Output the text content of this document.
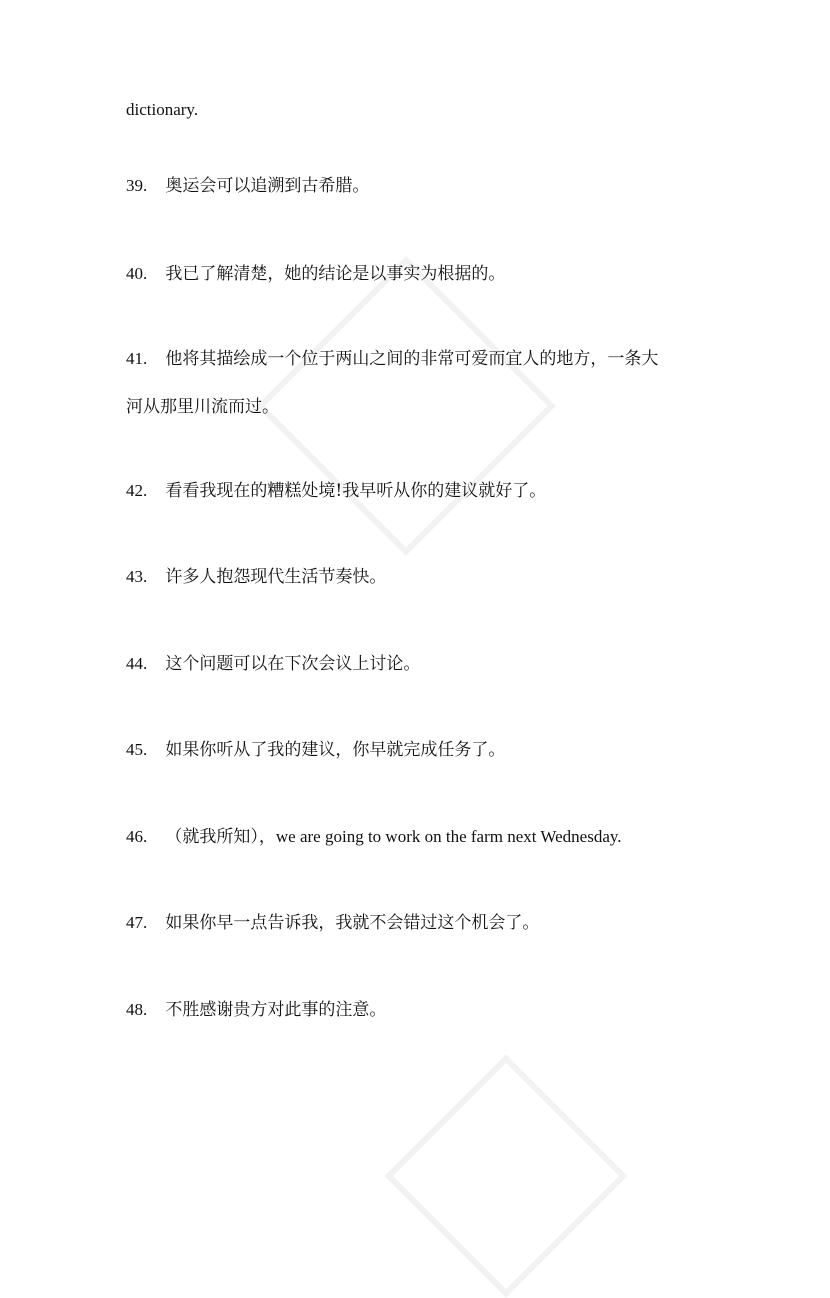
dictionary.
39. 奥运会可以追溯到古希腊。
40. 我已了解清楚，她的结论是以事实为根据的。
41. 他将其描绘成一个位于两山之间的非常可爱而宜人的地方，一条大
河从那里川流而过。
42. 看看我现在的糟糕处境!我早听从你的建议就好了。
43. 许多人抱怨现代生活节奏快。
44. 这个问题可以在下次会议上讨论。
45. 如果你听从了我的建议，你早就完成任务了。
46. （就我所知），we are going to work on the farm next Wednesday.
47. 如果你早一点告诉我，我就不会错过这个机会了。
48. 不胜感谢贵方对此事的注意。
